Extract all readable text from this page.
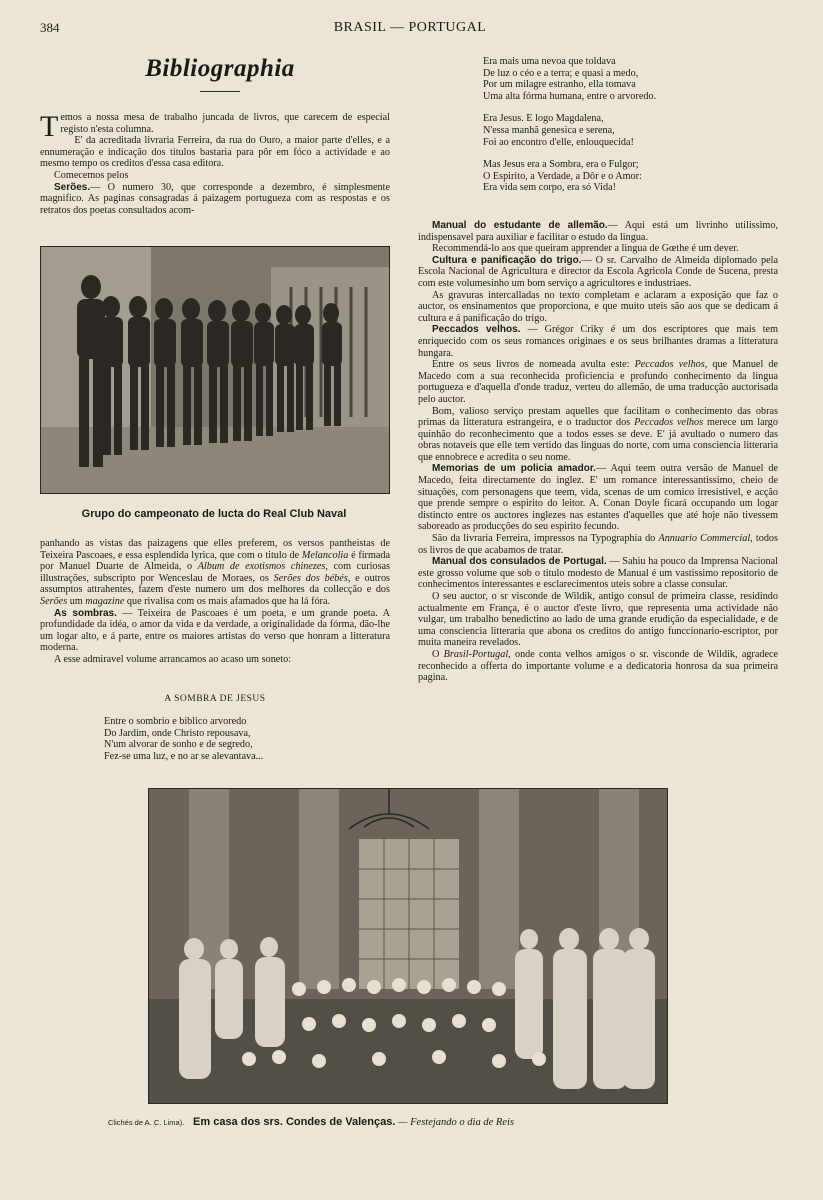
384	BRASIL — PORTUGAL
Bibliographia

Temos a nossa mesa de trabalho juncada de livros, que carecem de especial registo n'esta columna.

E' da acreditada livraria Ferreira, da rua do Ouro, a maior parte d'elles, e a ennumeração e indicação dos titulos bastaria para pôr em fóco a actividade e ao mesmo tempo os creditos d'essa casa editora.

Comecemos pelos

Serões.— O numero 30, que corresponde a dezembro, é simplesmente magnifico. As paginas consagradas á paizagem portugueza com as respostas e os retratos dos poetas consultados acom-

Grupo do campeonato de lucta do Real Club Naval

panhando as vistas das paizagens que elles preferem, os versos pantheistas de Teixeira Pascoaes, e essa esplendida lyrica, que com o titulo de Melancolia é firmada por Manuel Duarte de Almeida, o Album de exotismos chinezes, com curiosas illustrações, subscripto por Wenceslau de Moraes, os Serões dos bébés, e outros assumptos attrahentes, fazem d'este numero um dos melhores da collecção e dos Serões um magazine que rivalisa com os mais afamados que ha lá fóra.

As sombras. — Teixeira de Pascoaes é um poeta, e um grande poeta. A profundidade da idéa, o amor da vida e da verdade, a originalidade da fórma, dão-lhe um logar alto, e á parte, entre os maiores artistas do verso que honram a litteratura moderna.

A esse admiravel volume arrancamos ao acaso um soneto:

A SOMBRA DE JESUS

Entre o sombrio e biblico arvoredo

Do Jardim, onde Christo repousava,

N'um alvorar de sonho e de segredo,

Fez-se uma luz, e no ar se alevantava...

Era mais uma nevoa que toldava

De luz o céo e a terra; e quasi a medo,

Por um milagre estranho, ella tomava

Uma alta fórma humana, entre o arvoredo.

Era Jesus. E logo Magdalena,

N'essa manhã genesica e serena,

Foi ao encontro d'elle, enlouquecida!

Mas Jesus era a Sombra, era o Fulgor;

O Espirito, a Verdade, a Dôr e o Amor:

Era vida sem corpo, era só Vida!

Manual do estudante de allemão.— Aqui está um livrinho utilissimo, indispensavel para auxiliar e facilitar o estudo da lingua.

Recommendá-lo aos que queiram apprender a lingua de Gœthe é um dever.

Cultura e panificação do trigo.— O sr. Carvalho de Almeida diplomado pela Escola Nacional de Agricultura e director da Escola Agricola Conde de Sucena, presta com este volumesinho um bom serviço a agricultores e industriaes.

As gravuras intercalladas no texto completam e aclaram a exposição que faz o auctor, os ensinamentos que proporciona, e que muito uteis são aos que se dedicam á cultura e á panificação do trigo.

Peccados velhos. — Grégor Criky é um dos escriptores que mais tem enriquecido com os seus romances originaes e os seus brilhantes dramas a litteratura hungara.

Entre os seus livros de nomeada avulta este: Peccados velhos, que Manuel de Macedo com a sua reconhecida proficiencia e profundo conhecimento da lingua portugueza e d'aquella d'onde traduz, verteu do allemão, de uma traducção auctorisada pelo auctor.

Bom, valioso serviço prestam aquelles que facilitam o conhecimento das obras primas da litteratura estrangeira, e o traductor dos Peccados velhos merece um largo quinhão do reconhecimento que a todos esses se deve. E' já avultado o numero das obras notaveis que elle tem vertido das linguas do norte, com uma consciencia litteraria que ennobrece e acredita o seu nome.

Memorias de um policia amador.— Aqui teem outra versão de Manuel de Macedo, feita directamente do inglez. E' um romance interessantissimo, cheio de situações, com personagens que teem, vida, scenas de um comico irresistivel, e acção que prende sempre o espirito do leitor. A. Conan Doyle ficará occupando um logar distincto entre os auctores inglezes nas estantes d'aquelles que até hoje não tivessem saboreado as producções do seu espirito fecundo.

São da livraria Ferreira, impressos na Typographia do Annuario Commercial, todos os livros de que acabamos de tratar.

Manual dos consulados de Portugal. — Sahiu ha pouco da Imprensa Nacional este grosso volume que sob o titulo modesto de Manual é um vastissimo repositorio de conhecimentos interessantes e esclarecimentos uteis sobre a classe consular.

O seu auctor, o sr visconde de Wildik, antigo consul de primeira classe, residindo actualmente em França, é o auctor d'este livro, que representa uma actividade não vulgar, um trabalho benedictino ao lado de uma grande erudição da especialidade, e de uma consciencia litteraria que abona os creditos do antigo funccionario-escriptor, por muita maneira revelados.

O Brasil-Portugal, onde conta velhos amigos o sr. visconde de Wildik, agradece reconhecido a offerta do importante volume e a dedicatoria honrosa da sua primeira pagina.

Clichés de A. C. Lima). Em casa dos srs. Condes de Valenças. — Festejando o dia de Reis
